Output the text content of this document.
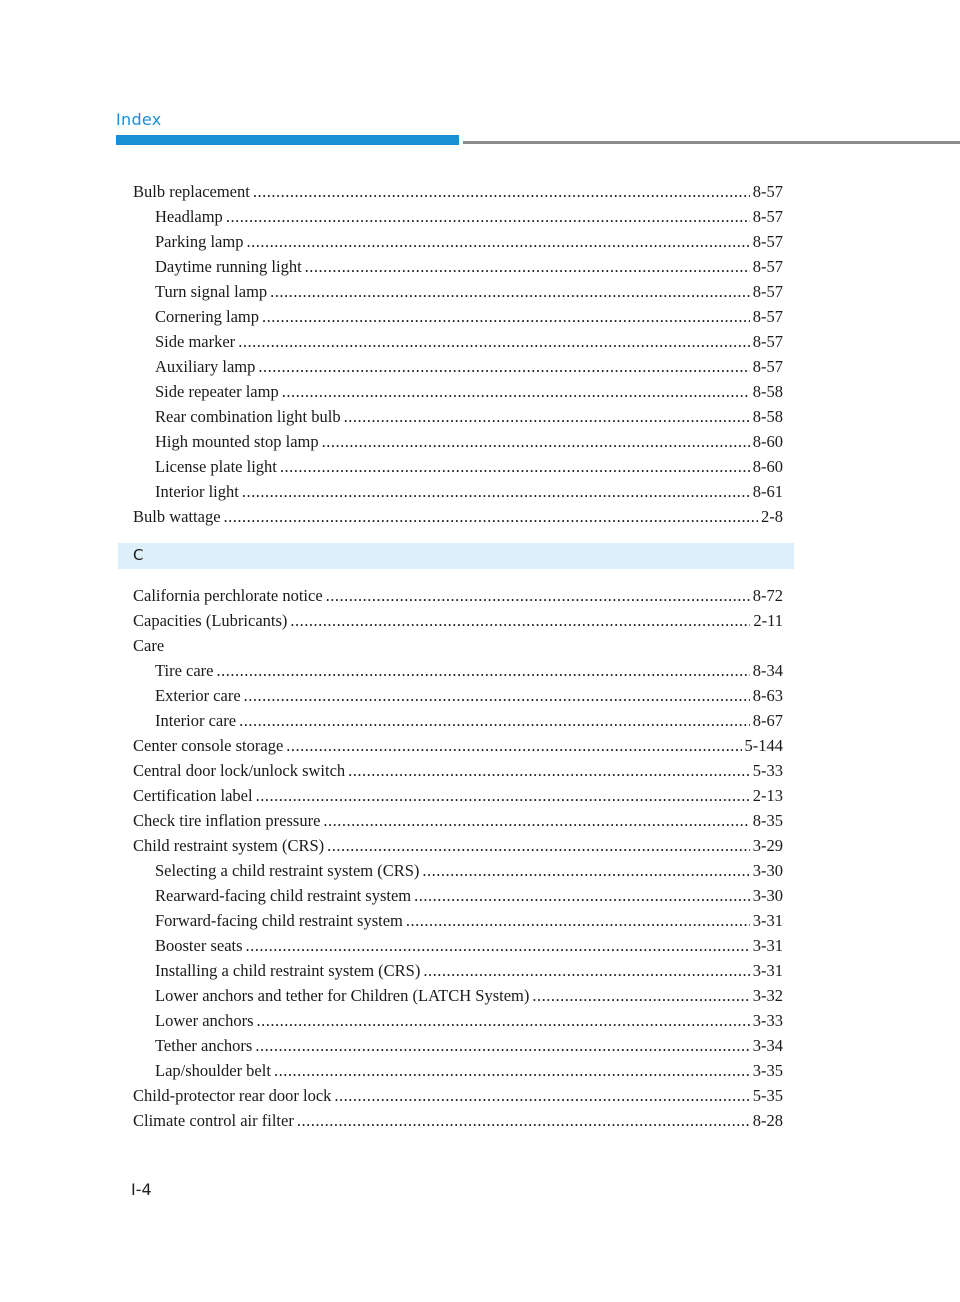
Index
Bulb replacement .....	8-57
Headlamp .....	8-57
Parking lamp .....	8-57
Daytime running light .....	8-57
Turn signal lamp .....	8-57
Cornering lamp .....	8-57
Side marker .....	8-57
Auxiliary lamp .....	8-57
Side repeater lamp .....	8-58
Rear combination light bulb .....	8-58
High mounted stop lamp .....	8-60
License plate light .....	8-60
Interior light .....	8-61
Bulb wattage .....	2-8
C
California perchlorate notice .....	8-72
Capacities (Lubricants) .....	2-11
Care
Tire care .....	8-34
Exterior care .....	8-63
Interior care .....	8-67
Center console storage .....	5-144
Central door lock/unlock switch .....	5-33
Certification label .....	2-13
Check tire inflation pressure .....	8-35
Child restraint system (CRS) .....	3-29
Selecting a child restraint system (CRS) .....	3-30
Rearward-facing child restraint system .....	3-30
Forward-facing child restraint system .....	3-31
Booster seats .....	3-31
Installing a child restraint system (CRS) .....	3-31
Lower anchors and tether for Children (LATCH System) .....	3-32
Lower anchors .....	3-33
Tether anchors .....	3-34
Lap/shoulder belt .....	3-35
Child-protector rear door lock .....	5-35
Climate control air filter .....	8-28
I-4
